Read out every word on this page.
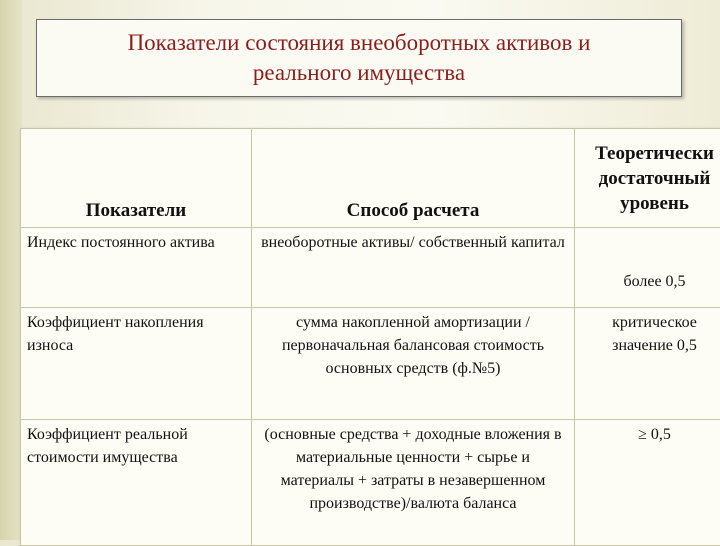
Показатели состояния внеоборотных активов и
реального имущества
Показатели	Способ расчета	Теоретически достаточный уровень
Индекс постоянного актива	внеоборотные активы/ собственный капитал	более 0,5
Коэффициент накопления износа	сумма накопленной амортизации / первоначальная балансовая стоимость основных средств (ф.№5)	критическое значение 0,5
Коэффициент реальной стоимости имущества	(основные средства + доходные вложения в материальные ценности + сырье и материалы + затраты в незавершенном производстве)/валюта баланса	≥ 0,5
